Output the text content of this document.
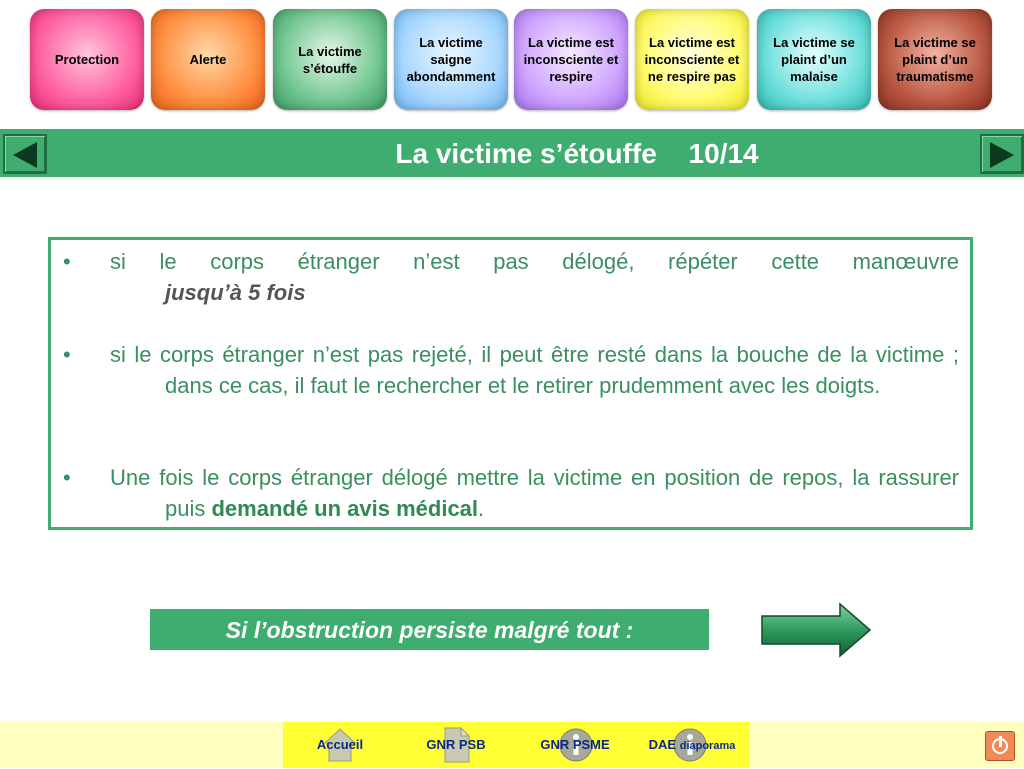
Protection	Alerte
La victime s’étouffe
La victime saigne abondamment
La victime est inconsciente et respire
La victime est inconsciente et ne respire pas
La victime se plaint d’un malaise
La victime se plaint d’un traumatisme
La victime s’étouffe 10/14
• si le corps étranger n’est pas délogé, répéter cette manœuvre
jusqu’à 5 fois
• si le corps étranger n’est pas rejeté, il peut être resté dans la bouche de la victime ; dans ce cas, il faut le rechercher et le retirer prudemment avec les doigts.
• Une fois le corps étranger délogé mettre la victime en position de repos, la rassurer puis demandé un avis médical.
Si l’obstruction persiste malgré tout :
Accueil	GNR PSB	GNR PSME	DAE diaporama
